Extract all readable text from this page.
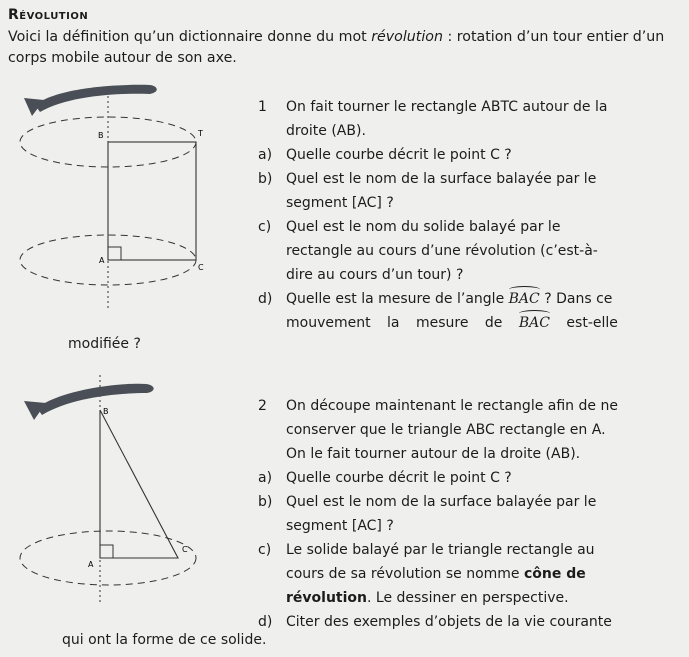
Révolution
Voici la définition qu’un dictionnaire donne du mot révolution : rotation d’un tour entier d’un corps mobile autour de son axe.
B	T
A
C
B
A
C
1 On fait tourner le rectangle ABTC autour de la
droite (AB).
a) Quelle courbe décrit le point C ?
b) Quel est le nom de la surface balayée par le
segment [AC] ?
c) Quel est le nom du solide balayé par le
rectangle au cours d’une révolution (c’est-à-
dire au cours d’un tour) ?
d) Quelle est la mesure de l’angle BAC ? Dans ce
mouvement la mesure de BAC est-elle
modifiée ?
2 On découpe maintenant le rectangle afin de ne
conserver que le triangle ABC rectangle en A.
On le fait tourner autour de la droite (AB).
a) Quelle courbe décrit le point C ?
b) Quel est le nom de la surface balayée par le
segment [AC] ?
c) Le solide balayé par le triangle rectangle au
cours de sa révolution se nomme cône de
révolution. Le dessiner en perspective.
d) Citer des exemples d’objets de la vie courante
qui ont la forme de ce solide.
